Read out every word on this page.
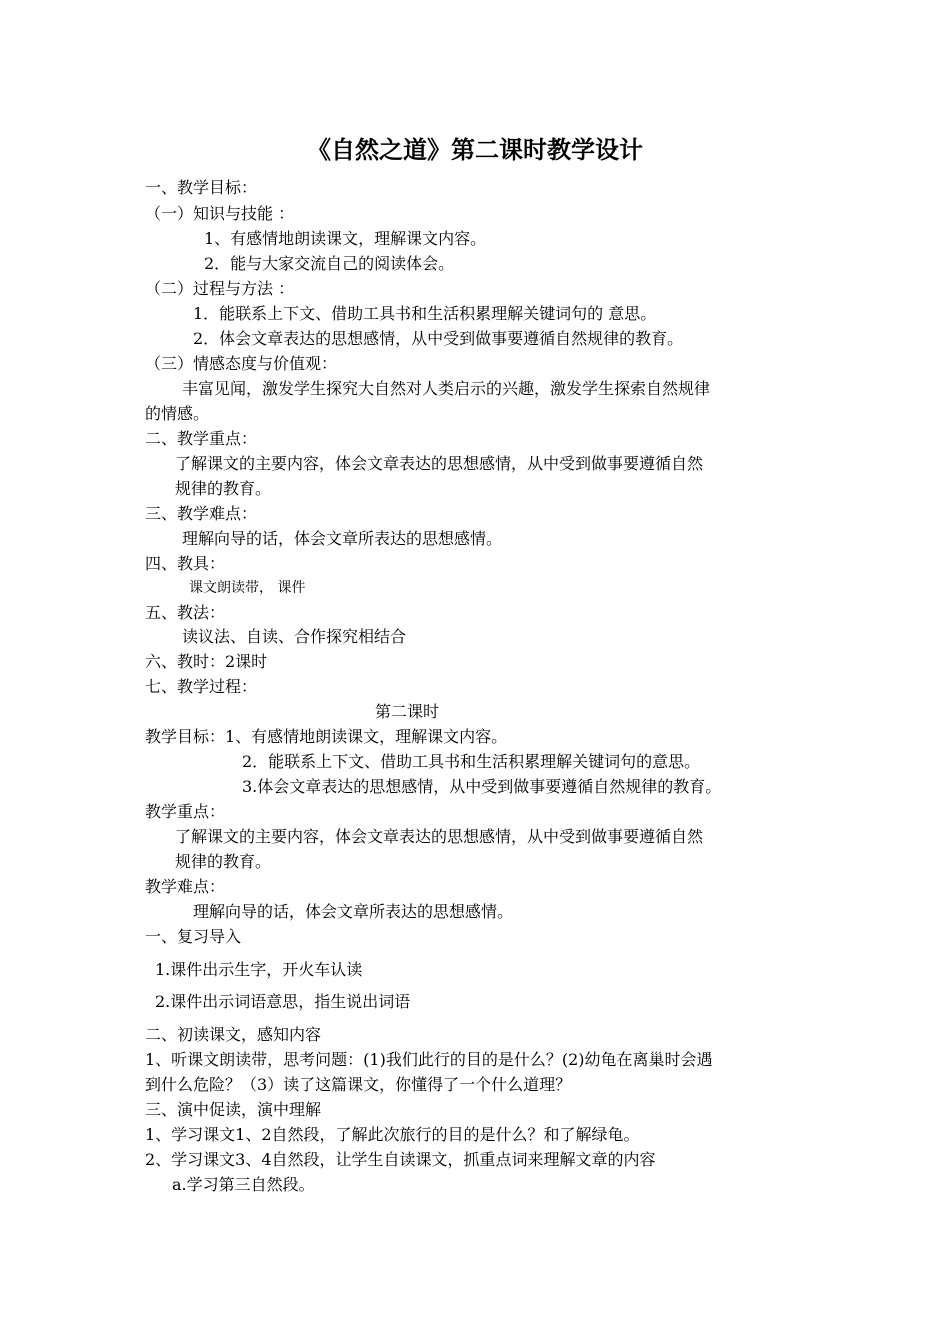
《自然之道》第二课时教学设计
一、教学目标：
（一）知识与技能 ：
1、有感情地朗读课文，理解课文内容。
2．能与大家交流自己的阅读体会。
（二）过程与方法 ：
1．能联系上下文、借助工具书和生活积累理解关键词句的 意思。
2．体会文章表达的思想感情，从中受到做事要遵循自然规律的教育。
（三）情感态度与价值观：
丰富见闻，激发学生探究大自然对人类启示的兴趣，激发学生探索自然规律
的情感。
二、教学重点：
了解课文的主要内容，体会文章表达的思想感情，从中受到做事要遵循自然
规律的教育。
三、教学难点：
理解向导的话，体会文章所表达的思想感情。
四、教具：
课文朗读带， 课件
五、教法：
读议法、自读、合作探究相结合
六、教时：2课时
七、教学过程：
第二课时
教学目标：1、有感情地朗读课文，理解课文内容。
2．能联系上下文、借助工具书和生活积累理解关键词句的意思。
3.体会文章表达的思想感情，从中受到做事要遵循自然规律的教育。
教学重点：
了解课文的主要内容，体会文章表达的思想感情，从中受到做事要遵循自然
规律的教育。
教学难点：
理解向导的话，体会文章所表达的思想感情。
一、复习导入
1.课件出示生字，开火车认读
2.课件出示词语意思，指生说出词语
二、初读课文，感知内容
1、听课文朗读带，思考问题：(1)我们此行的目的是什么？(2)幼龟在离巢时会遇
到什么危险？（3）读了这篇课文，你懂得了一个什么道理？
三、演中促读，演中理解
1、学习课文1、2自然段，了解此次旅行的目的是什么？和了解绿龟。
2、学习课文3、4自然段，让学生自读课文，抓重点词来理解文章的内容
a.学习第三自然段。
